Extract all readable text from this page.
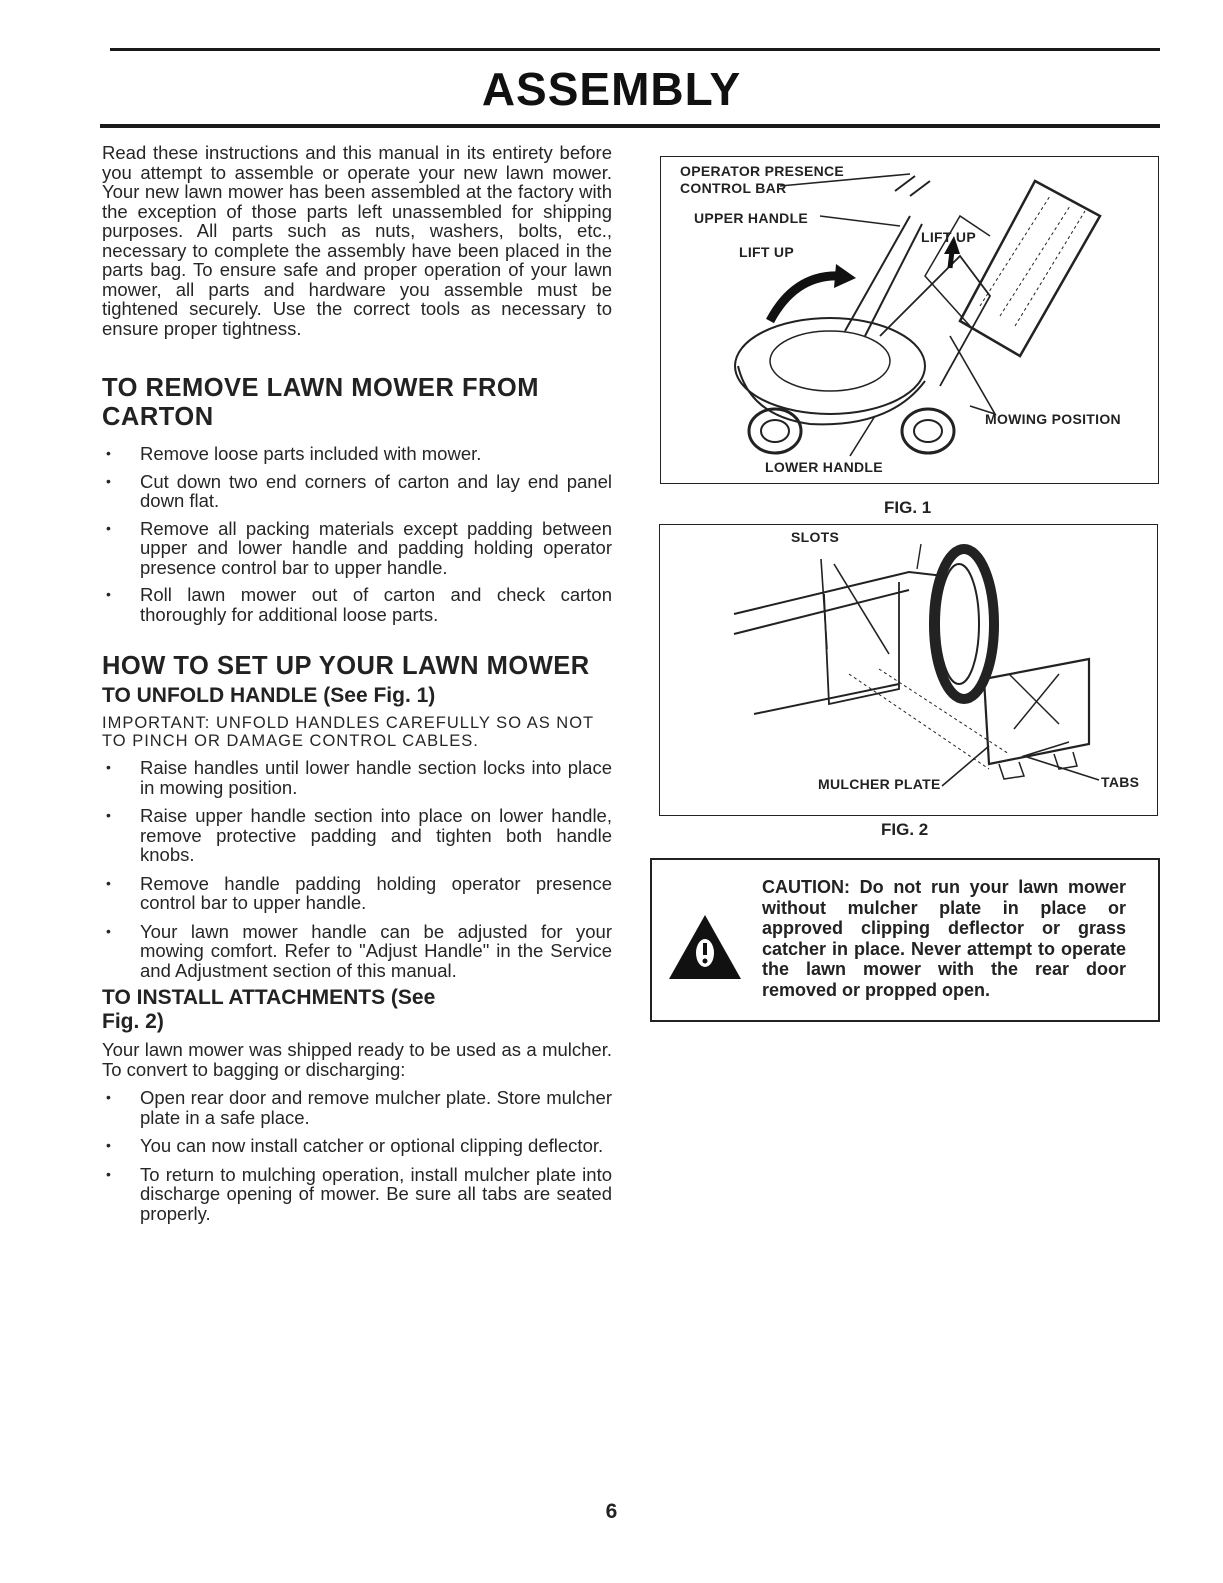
ASSEMBLY

Read these instructions and this manual in its entirety before you attempt to assemble or operate your new lawn mower. Your new lawn mower has been assembled at the factory with the exception of those parts left unassembled for shipping purposes. All parts such as nuts, washers, bolts, etc., necessary to complete the assembly have been placed in the parts bag. To ensure safe and proper operation of your lawn mower, all parts and hardware you assemble must be tightened securely. Use the correct tools as necessary to ensure proper tightness.

TO REMOVE LAWN MOWER FROM CARTON
• Remove loose parts included with mower.
• Cut down two end corners of carton and lay end panel down flat.
• Remove all packing materials except padding between upper and lower handle and padding holding operator presence control bar to upper handle.
• Roll lawn mower out of carton and check carton thoroughly for additional loose parts.
HOW TO SET UP YOUR LAWN MOWER
TO UNFOLD HANDLE (See Fig. 1)

IMPORTANT: UNFOLD HANDLES CAREFULLY SO AS NOT TO PINCH OR DAMAGE CONTROL CABLES.

• Raise handles until lower handle section locks into place in mowing position.
• Raise upper handle section into place on lower handle, remove protective padding and tighten both handle knobs.
• Remove handle padding holding operator presence control bar to upper handle.
• Your lawn mower handle can be adjusted for your mowing comfort. Refer to "Adjust Handle" in the Service and Adjustment section of this manual.
TO INSTALL ATTACHMENTS (See Fig. 2)

Your lawn mower was shipped ready to be used as a mulcher. To convert to bagging or discharging:

• Open rear door and remove mulcher plate. Store mulcher plate in a safe place.
• You can now install catcher or optional clipping deflector.
• To return to mulching operation, install mulcher plate into discharge opening of mower. Be sure all tabs are seated properly.
OPERATOR PRESENCE
CONTROL BAR
UPPER HANDLE
LIFT UP
LIFT UP
MOWING POSITION
LOWER HANDLE
FIG. 1
SLOTS
MULCHER PLATE	TABS
FIG. 2
CAUTION: Do not run your lawn mower without mulcher plate in place or approved clipping deflector or grass catcher in place. Never attempt to operate the lawn mower with the rear door removed or propped open.
6
